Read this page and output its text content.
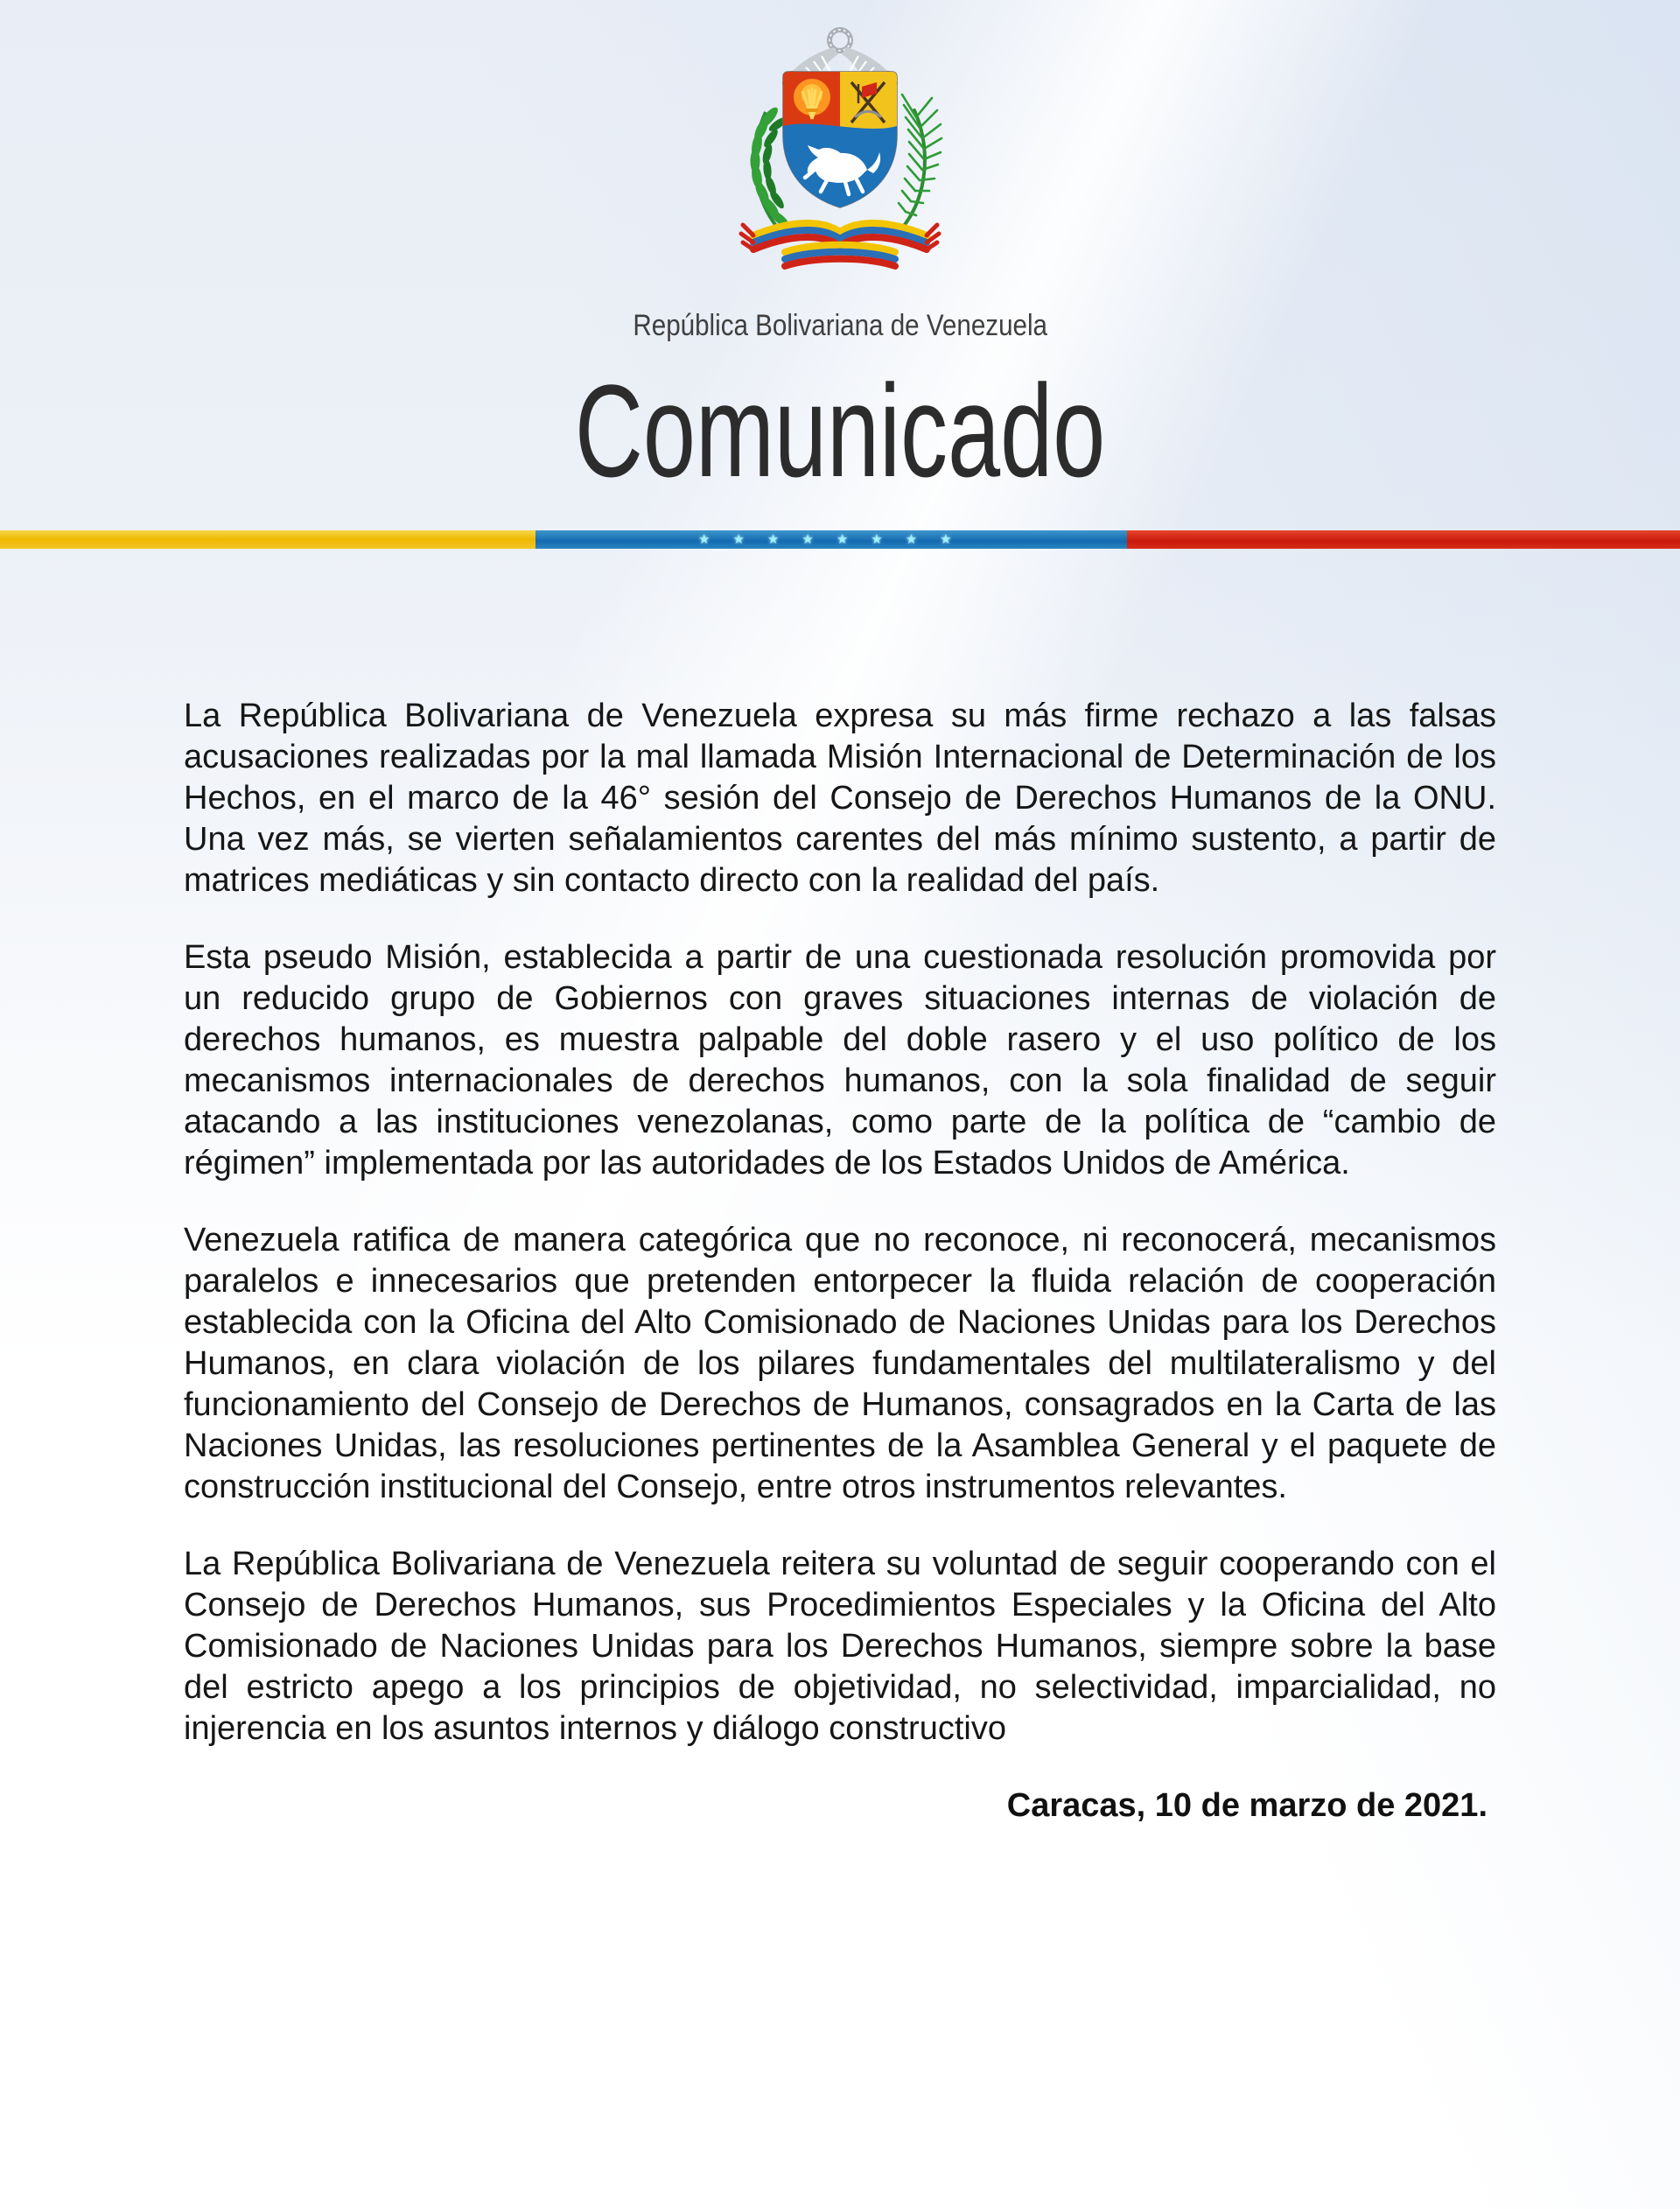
República Bolivariana de Venezuela
Comunicado
★ ★ ★ ★ ★ ★ ★ ★

La República Bolivariana de Venezuela expresa su más firme rechazo a las falsas acusaciones realizadas por la mal llamada Misión Internacional de Determinación de los Hechos, en el marco de la 46° sesión del Consejo de Derechos Humanos de la ONU. Una vez más, se vierten señalamientos carentes del más mínimo sustento, a partir de matrices mediáticas y sin contacto directo con la realidad del país.

Esta pseudo Misión, establecida a partir de una cuestionada resolución promovida por un reducido grupo de Gobiernos con graves situaciones internas de violación de derechos humanos, es muestra palpable del doble rasero y el uso político de los mecanismos internacionales de derechos humanos, con la sola finalidad de seguir atacando a las instituciones venezolanas, como parte de la política de “cambio de régimen” implementada por las autoridades de los Estados Unidos de América.

Venezuela ratifica de manera categórica que no reconoce, ni reconocerá, mecanismos paralelos e innecesarios que pretenden entorpecer la fluida relación de cooperación establecida con la Oficina del Alto Comisionado de Naciones Unidas para los Derechos Humanos, en clara violación de los pilares fundamentales del multilateralismo y del funcionamiento del Consejo de Derechos de Humanos, consagrados en la Carta de las Naciones Unidas, las resoluciones pertinentes de la Asamblea General y el paquete de construcción institucional del Consejo, entre otros instrumentos relevantes.

La República Bolivariana de Venezuela reitera su voluntad de seguir cooperando con el Consejo de Derechos Humanos, sus Procedimientos Especiales y la Oficina del Alto Comisionado de Naciones Unidas para los Derechos Humanos, siempre sobre la base del estricto apego a los principios de objetividad, no selectividad, imparcialidad, no injerencia en los asuntos internos y diálogo constructivo

Caracas, 10 de marzo de 2021.
